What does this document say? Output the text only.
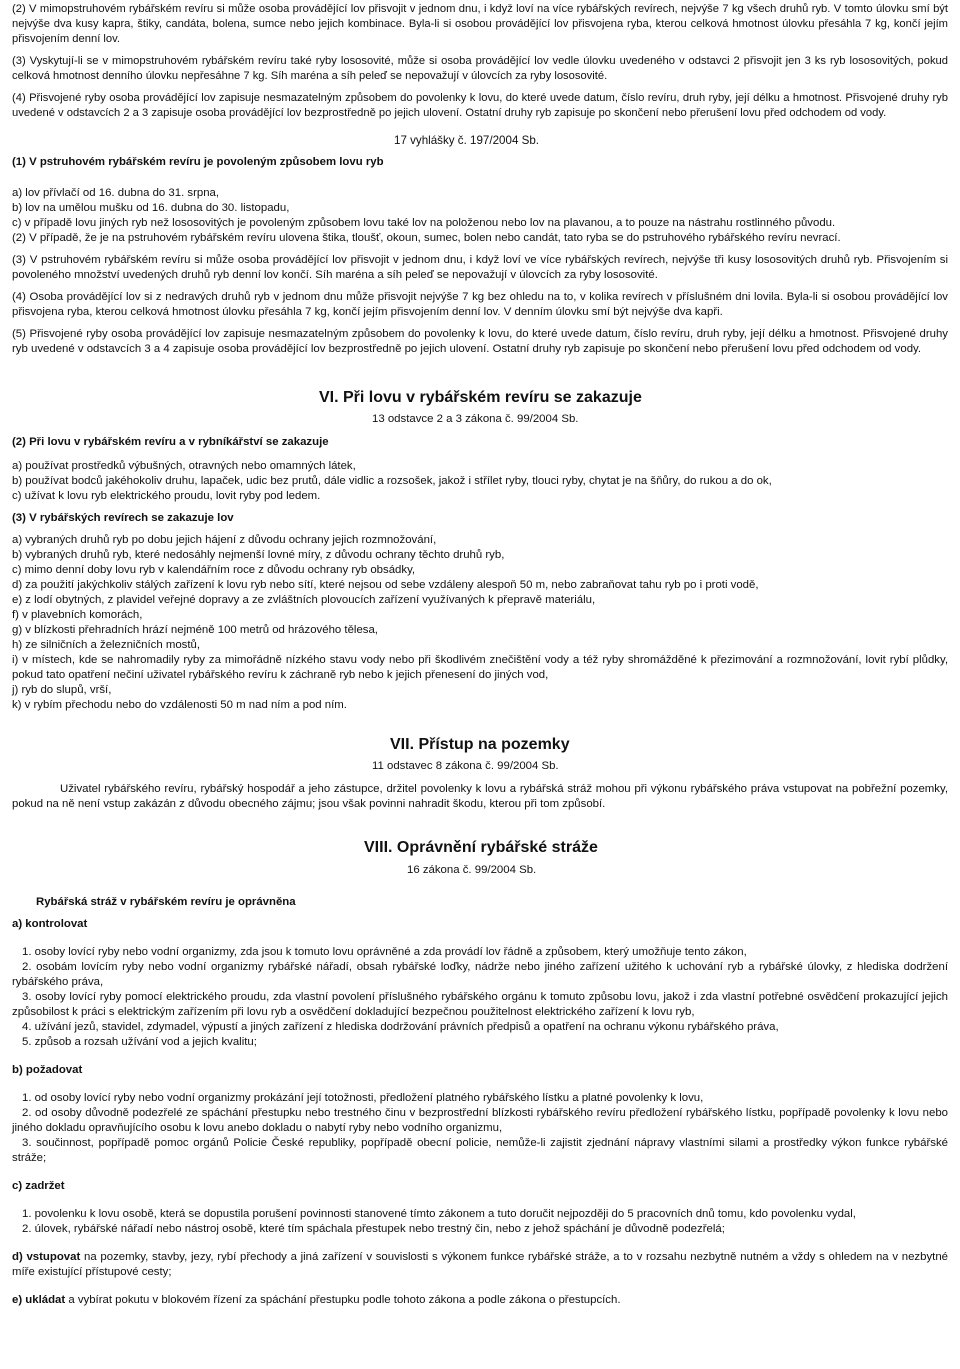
(2) V mimopstruhovém rybářském revíru si může osoba provádějící lov přisvojit v jednom dnu, i když loví na více rybářských revírech, nejvýše 7 kg všech druhů ryb. V tomto úlovku smí být nejvýše dva kusy kapra, štiky, candáta, bolena, sumce nebo jejich kombinace. Byla-li si osobou provádějící lov přisvojena ryba, kterou celková hmotnost úlovku přesáhla 7 kg, končí jejím přisvojením denní lov.

(3) Vyskytují-li se v mimopstruhovém rybářském revíru také ryby lososovité, může si osoba provádějící lov vedle úlovku uvedeného v odstavci 2 přisvojit jen 3 ks ryb lososovitých, pokud celková hmotnost denního úlovku nepřesáhne 7 kg. Síh maréna a síh peleď se nepovažují v úlovcích za ryby lososovité.

(4) Přisvojené ryby osoba provádějící lov zapisuje nesmazatelným způsobem do povolenky k lovu, do které uvede datum, číslo revíru, druh ryby, její délku a hmotnost. Přisvojené druhy ryb uvedené v odstavcích 2 a 3 zapisuje osoba provádějící lov bezprostředně po jejich ulovení. Ostatní druhy ryb zapisuje po skončení nebo přerušení lovu před odchodem od vody.

17 vyhlášky č. 197/2004 Sb.
(1) V pstruhovém rybářském revíru je povoleným způsobem lovu ryb

a) lov přívlačí od 16. dubna do 31. srpna,

b) lov na umělou mušku od 16. dubna do 30. listopadu,

c) v případě lovu jiných ryb než lososovitých je povoleným způsobem lovu také lov na položenou nebo lov na plavanou, a to pouze na nástrahu rostlinného původu.

(2) V případě, že je na pstruhovém rybářském revíru ulovena štika, tloušť, okoun, sumec, bolen nebo candát, tato ryba se do pstruhového rybářského revíru nevrací.

(3) V pstruhovém rybářském revíru si může osoba provádějící lov přisvojit v jednom dnu, i když loví ve více rybářských revírech, nejvýše tři kusy lososovitých druhů ryb. Přisvojením si povoleného množství uvedených druhů ryb denní lov končí. Síh maréna a síh peleď se nepovažují v úlovcích za ryby lososovité.

(4) Osoba provádějící lov si z nedravých druhů ryb v jednom dnu může přisvojit nejvýše 7 kg bez ohledu na to, v kolika revírech v příslušném dni lovila. Byla-li si osobou provádějící lov přisvojena ryba, kterou celková hmotnost úlovku přesáhla 7 kg, končí jejím přisvojením denní lov. V denním úlovku smí být nejvýše dva kapři.

(5) Přisvojené ryby osoba provádějící lov zapisuje nesmazatelným způsobem do povolenky k lovu, do které uvede datum, číslo revíru, druh ryby, její délku a hmotnost. Přisvojené druhy ryb uvedené v odstavcích 3 a 4 zapisuje osoba provádějící lov bezprostředně po jejich ulovení. Ostatní druhy ryb zapisuje po skončení nebo přerušení lovu před odchodem od vody.

VI. Při lovu v rybářském revíru se zakazuje
13 odstavce 2 a 3 zákona č. 99/2004 Sb.
(2) Při lovu v rybářském revíru a v rybníkářství se zakazuje

a) používat prostředků výbušných, otravných nebo omamných látek,

b) používat bodců jakéhokoliv druhu, lapaček, udic bez prutů, dále vidlic a rozsošek, jakož i střílet ryby, tlouci ryby, chytat je na šňůry, do rukou a do ok,

c) užívat k lovu ryb elektrického proudu, lovit ryby pod ledem.

(3) V rybářských revírech se zakazuje lov

a) vybraných druhů ryb po dobu jejich hájení z důvodu ochrany jejich rozmnožování,

b) vybraných druhů ryb, které nedosáhly nejmenší lovné míry, z důvodu ochrany těchto druhů ryb,

c) mimo denní doby lovu ryb v kalendářním roce z důvodu ochrany ryb obsádky,

d) za použití jakýchkoliv stálých zařízení k lovu ryb nebo sítí, které nejsou od sebe vzdáleny alespoň 50 m, nebo zabraňovat tahu ryb po i proti vodě,

e) z lodí obytných, z plavidel veřejné dopravy a ze zvláštních plovoucích zařízení využívaných k přepravě materiálu,

f) v plavebních komorách,

g) v blízkosti přehradních hrází nejméně 100 metrů od hrázového tělesa,

h) ze silničních a železničních mostů,

i) v místech, kde se nahromadily ryby za mimořádně nízkého stavu vody nebo při škodlivém znečištění vody a též ryby shromážděné k přezimování a rozmnožování, lovit rybí plůdky, pokud tato opatření nečiní uživatel rybářského revíru k záchraně ryb nebo k jejich přenesení do jiných vod,

j) ryb do slupů, vrší,

k) v rybím přechodu nebo do vzdálenosti 50 m nad ním a pod ním.

VII. Přístup na pozemky
11 odstavec 8 zákona č. 99/2004 Sb.

Uživatel rybářského revíru, rybářský hospodář a jeho zástupce, držitel povolenky k lovu a rybářská stráž mohou při výkonu rybářského práva vstupovat na pobřežní pozemky, pokud na ně není vstup zakázán z důvodu obecného zájmu; jsou však povinni nahradit škodu, kterou při tom způsobí.

VIII. Oprávnění rybářské stráže
16 zákona č. 99/2004 Sb.
Rybářská stráž v rybářském revíru je oprávněna

a) kontrolovat

1. osoby lovící ryby nebo vodní organizmy, zda jsou k tomuto lovu oprávněné a zda provádí lov řádně a způsobem, který umožňuje tento zákon,

2. osobám lovícím ryby nebo vodní organizmy rybářské nářadí, obsah rybářské loďky, nádrže nebo jiného zařízení užitého k uchování ryb a rybářské úlovky, z hlediska dodržení rybářského práva,

3. osoby lovící ryby pomocí elektrického proudu, zda vlastní povolení příslušného rybářského orgánu k tomuto způsobu lovu, jakož i zda vlastní potřebné osvědčení prokazující jejich způsobilost k práci s elektrickým zařízením při lovu ryb a osvědčení dokladující bezpečnou použitelnost elektrického zařízení k lovu ryb,

4. užívání jezů, stavidel, zdymadel, výpustí a jiných zařízení z hlediska dodržování právních předpisů a opatření na ochranu výkonu rybářského práva,

5. způsob a rozsah užívání vod a jejich kvalitu;

b) požadovat

1. od osoby lovící ryby nebo vodní organizmy prokázání její totožnosti, předložení platného rybářského lístku a platné povolenky k lovu,

2. od osoby důvodně podezřelé ze spáchání přestupku nebo trestného činu v bezprostřední blízkosti rybářského revíru předložení rybářského lístku, popřípadě povolenky k lovu nebo jiného dokladu opravňujícího osobu k lovu anebo dokladu o nabytí ryby nebo vodního organizmu,

3. součinnost, popřípadě pomoc orgánů Policie České republiky, popřípadě obecní policie, nemůže-li zajistit zjednání nápravy vlastními silami a prostředky výkon funkce rybářské stráže;

c) zadržet

1. povolenku k lovu osobě, která se dopustila porušení povinnosti stanovené tímto zákonem a tuto doručit nejpozději do 5 pracovních dnů tomu, kdo povolenku vydal,

2. úlovek, rybářské nářadí nebo nástroj osobě, které tím spáchala přestupek nebo trestný čin, nebo z jehož spáchání je důvodně podezřelá;

d) vstupovat na pozemky, stavby, jezy, rybí přechody a jiná zařízení v souvislosti s výkonem funkce rybářské stráže, a to v rozsahu nezbytně nutném a vždy s ohledem na v nezbytné míře existující přístupové cesty;

e) ukládat a vybírat pokutu v blokovém řízení za spáchání přestupku podle tohoto zákona a podle zákona o přestupcích.
